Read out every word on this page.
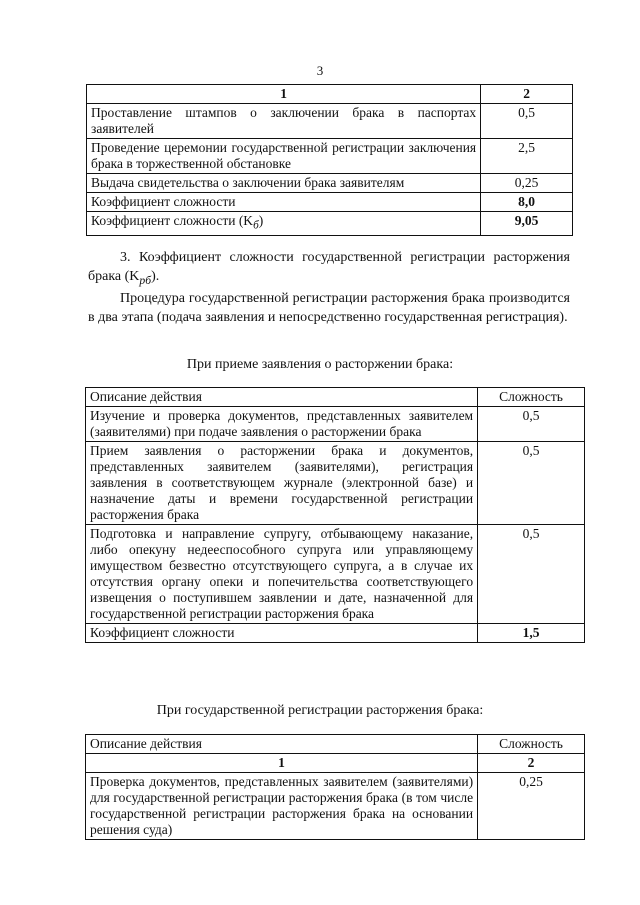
3
1	2
Проставление штампов о заключении брака в паспортах заявителей	0,5
Проведение церемонии государственной регистрации заключения брака в торжественной обстановке	2,5
Выдача свидетельства о заключении брака заявителям	0,25
Коэффициент сложности	8,0
Коэффициент сложности $(K_б)$	9,05
3. Коэффициент сложности государственной регистрации расторжения брака $(K_{рб})$.
Процедура государственной регистрации расторжения брака производится в два этапа (подача заявления и непосредственно государственная регистрация).
При приеме заявления о расторжении брака:
Описание действия	Сложность
Изучение и проверка документов, представленных заявителем (заявителями) при подаче заявления о расторжении брака	0,5
Прием заявления о расторжении брака и документов, представленных заявителем (заявителями), регистрация заявления в соответствующем журнале (электронной базе) и назначение даты и времени государственной регистрации расторжения брака	0,5
Подготовка и направление супругу, отбывающему наказание, либо опекуну недееспособного супруга или управляющему имуществом безвестно отсутствующего супруга, а в случае их отсутствия органу опеки и попечительства соответствующего извещения о поступившем заявлении и дате, назначенной для государственной регистрации расторжения брака	0,5
Коэффициент сложности	1,5
При государственной регистрации расторжения брака:
Описание действия	Сложность
1	2
Проверка документов, представленных заявителем (заявителями) для государственной регистрации расторжения брака (в том числе государственной регистрации расторжения брака на основании решения суда)	0,25
